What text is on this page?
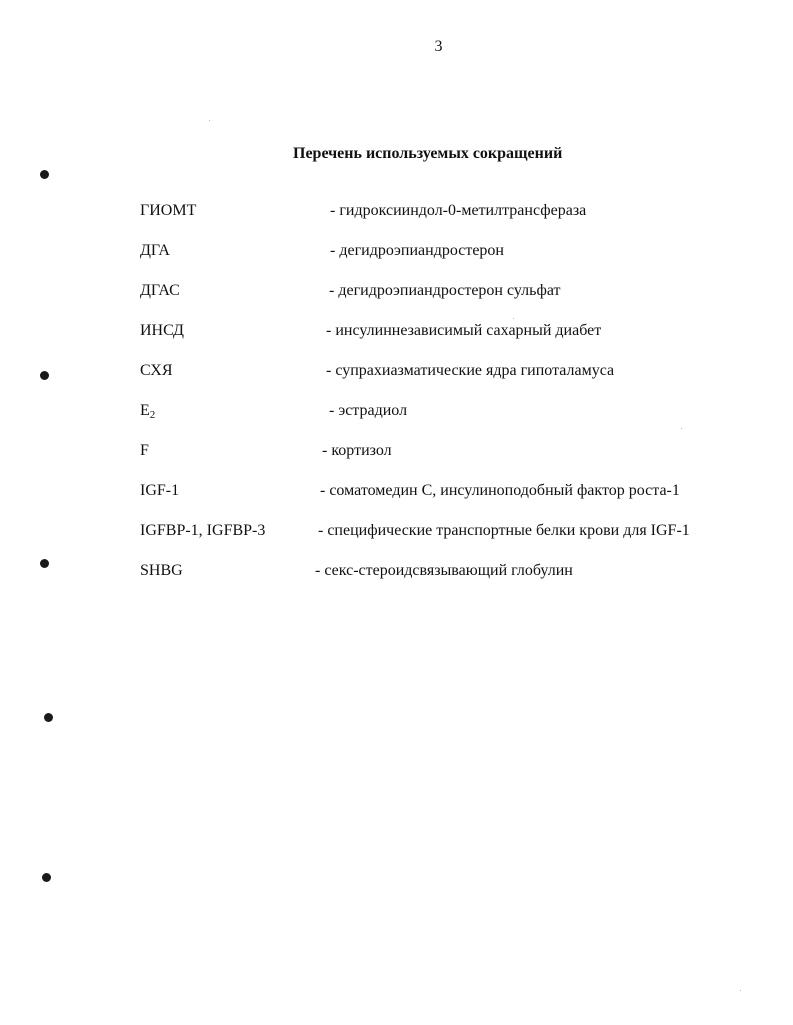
3
Перечень используемых сокращений
ГИОМТ	- гидроксииндол-0-метилтрансфераза
ДГА	- дегидроэпиандростерон
ДГАС	- дегидроэпиандростерон сульфат
ИНСД	- инсулиннезависимый сахарный диабет
СХЯ	- супрахиазматические ядра гипоталамуса
$E_2$	- эстрадиол
F	- кортизол
IGF-1	- соматомедин С, инсулиноподобный фактор роста-1
IGFBP-1, IGFBP-3	- специфические транспортные белки крови для IGF-1
SHBG	- секс-стероидсвязывающий глобулин
